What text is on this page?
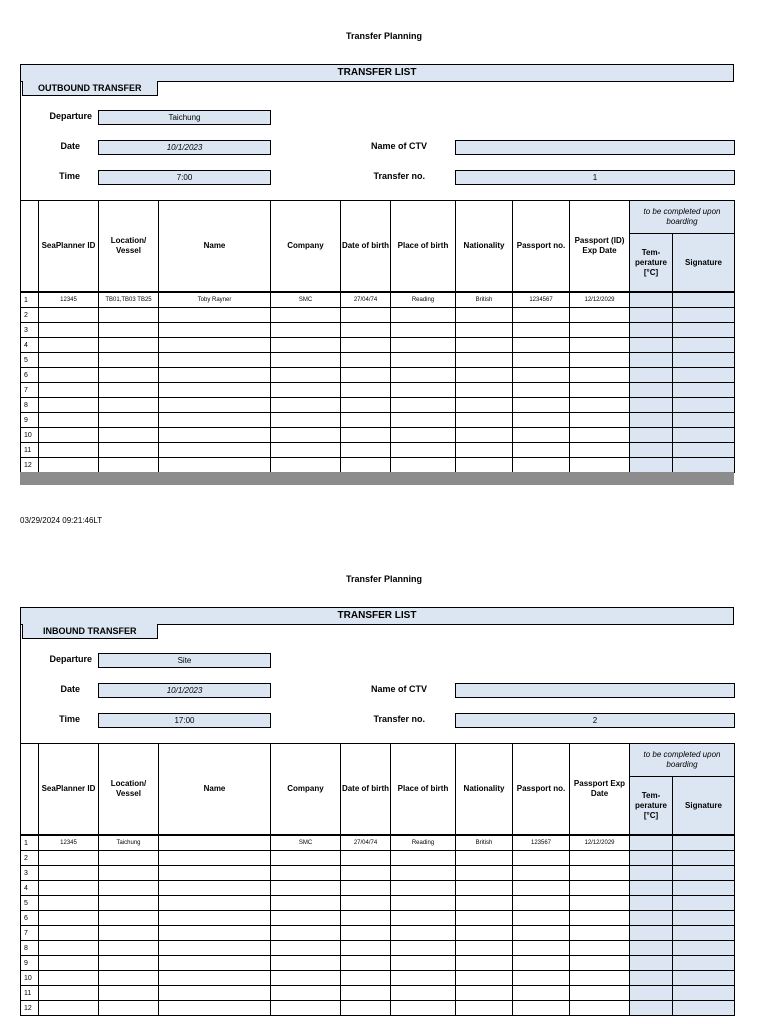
Transfer Planning
TRANSFER LIST
OUTBOUND TRANSFER
Departure	Taichung
Date	10/1/2023
Time	7:00
Name of CTV
Transfer no.	1
	SeaPlanner ID	Location/ Vessel	Name	Company	Date of birth	Place of birth	Nationality	Passport no.	Passport (ID) Exp Date	to be completed upon boarding	
										Tem- perature [°C]	Signature

1	12345	TB01,TB03 TB25	Toby Rayner	SMC	27/04/74	Reading	British	1234567	12/12/2029		
2											
3											
4											
5											
6											
7											
8											
9											
10											
11											
12											
03/29/2024 09:21:46LT
Transfer Planning
TRANSFER LIST
INBOUND TRANSFER
Departure	Site
Date	10/1/2023
Time	17:00
Name of CTV
Transfer no.	2
	SeaPlanner ID	Location/ Vessel	Name	Company	Date of birth	Place of birth	Nationality	Passport no.	Passport Exp Date	to be completed upon boarding	
										Tem- perature [°C]	Signature

1	12345	Taichung		SMC	27/04/74	Reading	British	123567	12/12/2029		
2											
3											
4											
5											
6											
7											
8											
9											
10											
11											
12											
